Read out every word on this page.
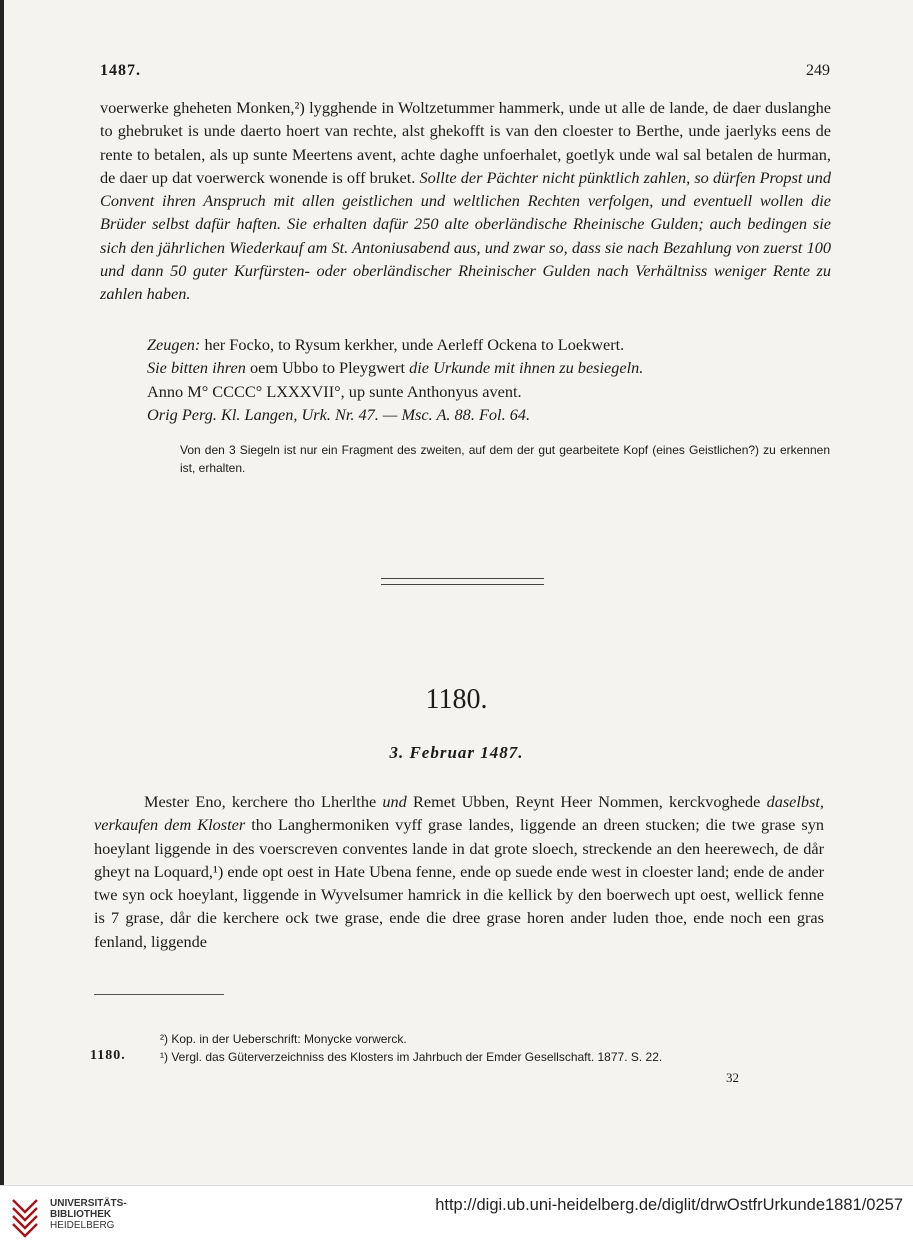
1487.	249

voerwerke gheheten Monken,²) lygghende in Woltzetummer hammerk, unde ut alle de lande, de daer duslanghe to ghebruket is unde daerto hoert van rechte, alst ghekofft is van den cloester to Berthe, unde jaerlyks eens de rente to betalen, als up sunte Meertens avent, achte daghe unfoerhalet, goetlyk unde wal sal betalen de hurman, de daer up dat voerwerck wonende is off bruket. Sollte der Pächter nicht pünktlich zahlen, so dürfen Propst und Convent ihren Anspruch mit allen geistlichen und weltlichen Rechten verfolgen, und eventuell wollen die Brüder selbst dafür haften. Sie erhalten dafür 250 alte oberländische Rheinische Gulden; auch bedingen sie sich den jährlichen Wiederkauf am St. Antoniusabend aus, und zwar so, dass sie nach Bezahlung von zuerst 100 und dann 50 guter Kurfürsten- oder oberländischer Rheinischer Gulden nach Verhältniss weniger Rente zu zahlen haben.

Zeugen: her Focko, to Rysum kerkher, unde Aerleff Ockena to Loekwert.
Sie bitten ihren oem Ubbo to Pleygwert die Urkunde mit ihnen zu besiegeln.
Anno M° CCCC° LXXXVII°, up sunte Anthonyus avent.
Orig Perg. Kl. Langen, Urk. Nr. 47. — Msc. A. 88. Fol. 64.
Von den 3 Siegeln ist nur ein Fragment des zweiten, auf dem der gut gearbeitete Kopf (eines Geistlichen?) zu erkennen ist, erhalten.
1180.
3. Februar 1487.

Mester Eno, kerchere tho Lherlthe und Remet Ubben, Reynt Heer Nommen, kerckvoghede daselbst, verkaufen dem Kloster tho Langhermoniken vyff grase landes, liggende an dreen stucken; die twe grase syn hoeylant liggende in des voerscreven conventes lande in dat grote sloech, streckende an den heerewech, de dår gheyt na Loquard,¹) ende opt oest in Hate Ubena fenne, ende op suede ende west in cloester land; ende de ander twe syn ock hoeylant, liggende in Wyvelsumer hamrick in die kellick by den boerwech upt oest, wellick fenne is 7 grase, dår die kerchere ock twe grase, ende die dree grase horen ander luden thoe, ende noch een gras fenland, liggende

²) Kop. in der Ueberschrift: Monycke vorwerck.
¹) Vergl. das Güterverzeichniss des Klosters im Jahrbuch der Emder Gesellschaft. 1877. S. 22.
1180.
32
UNIVERSITÄTS-
BIBLIOTHEK
HEIDELBERG
http://digi.ub.uni-heidelberg.de/diglit/drwOstfrUrkunde1881/0257
